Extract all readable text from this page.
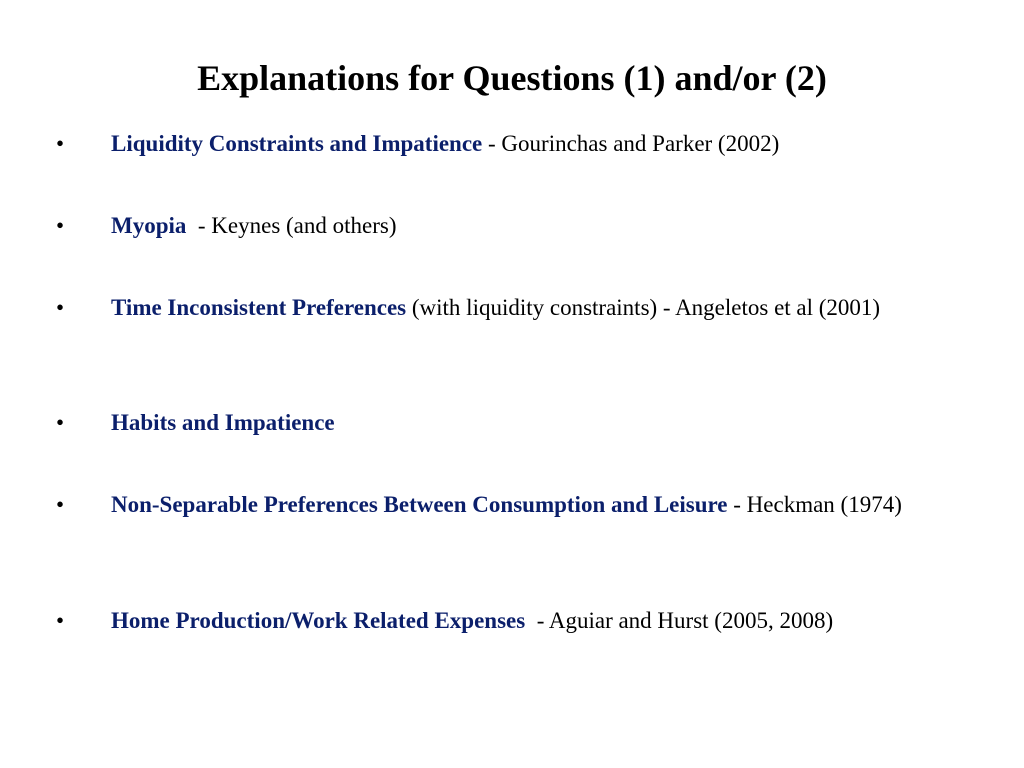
Explanations for Questions (1) and/or (2)
•	Liquidity Constraints and Impatience - Gourinchas and Parker (2002)
•	Myopia  - Keynes (and others)
•	Time Inconsistent Preferences (with liquidity constraints) - Angeletos et al (2001)
•	Habits and Impatience
•	Non-Separable Preferences Between Consumption and Leisure - Heckman (1974)
•	Home Production/Work Related Expenses  - Aguiar and Hurst (2005, 2008)
